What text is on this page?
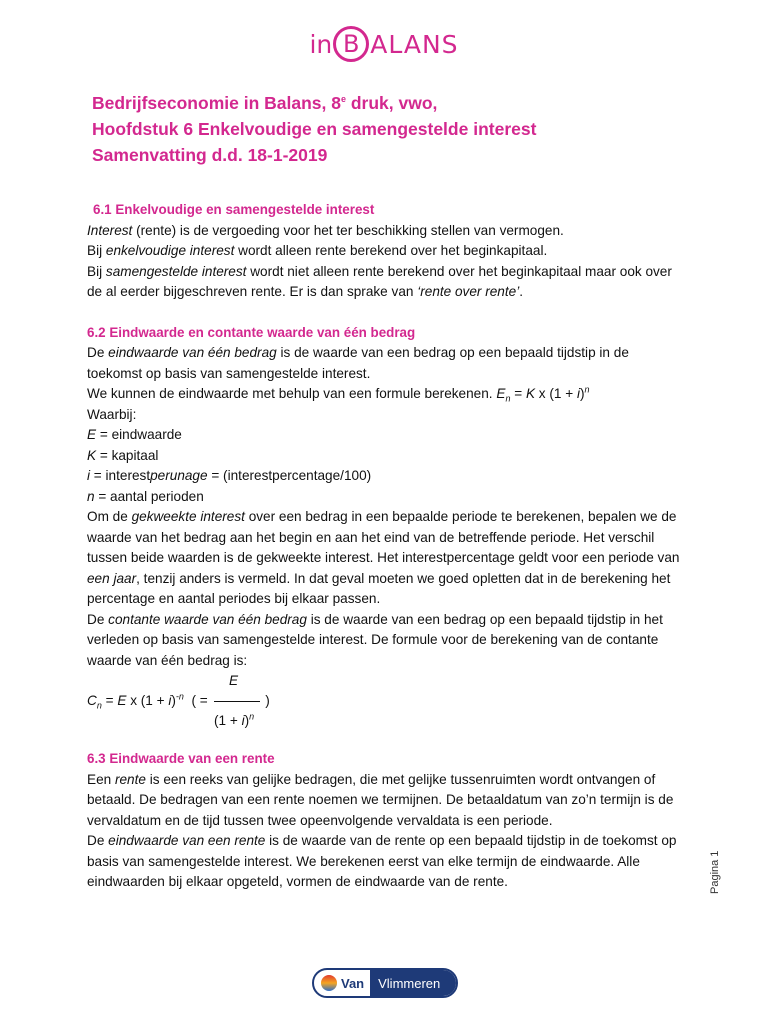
in B ALANS
Bedrijfseconomie in Balans, 8e druk, vwo,
Hoofdstuk 6 Enkelvoudige en samengestelde interest
Samenvatting d.d. 18-1-2019
6.1 Enkelvoudige en samengestelde interest
Interest (rente) is de vergoeding voor het ter beschikking stellen van vermogen.
Bij enkelvoudige interest wordt alleen rente berekend over het beginkapitaal.
Bij samengestelde interest wordt niet alleen rente berekend over het beginkapitaal maar ook over de al eerder bijgeschreven rente. Er is dan sprake van ‘rente over rente’.
6.2 Eindwaarde en contante waarde van één bedrag
De eindwaarde van één bedrag is de waarde van een bedrag op een bepaald tijdstip in de toekomst op basis van samengestelde interest.
We kunnen de eindwaarde met behulp van een formule berekenen. $E_n = K$ x $(1 + i)^n$
Waarbij:
E = eindwaarde
K = kapitaal
i = interestperunage = (interestpercentage/100)
n = aantal perioden
Om de gekweekte interest over een bedrag in een bepaalde periode te berekenen, bepalen we de waarde van het bedrag aan het begin en aan het eind van de betreffende periode. Het verschil tussen beide waarden is de gekweekte interest. Het interestpercentage geldt voor een periode van een jaar, tenzij anders is vermeld. In dat geval moeten we goed opletten dat in de berekening het percentage en aantal periodes bij elkaar passen.
De contante waarde van één bedrag is de waarde van een bedrag op een bepaald tijdstip in het verleden op basis van samengestelde interest. De formule voor de berekening van de contante waarde van één bedrag is:
E
$C_n = E$ x $(1 + i)^{-n}$  ( =	)
$(1 + i)^n$
6.3 Eindwaarde van een rente
Een rente is een reeks van gelijke bedragen, die met gelijke tussenruimten wordt ontvangen of betaald. De bedragen van een rente noemen we termijnen. De betaaldatum van zo’n termijn is de vervaldatum en de tijd tussen twee opeenvolgende vervaldata is een periode.
De eindwaarde van een rente is de waarde van de rente op een bepaald tijdstip in de toekomst op basis van samengestelde interest. We berekenen eerst van elke termijn de eindwaarde. Alle eindwaarden bij elkaar opgeteld, vormen de eindwaarde van de rente.	Pagina 1
Van	Vlimmeren
